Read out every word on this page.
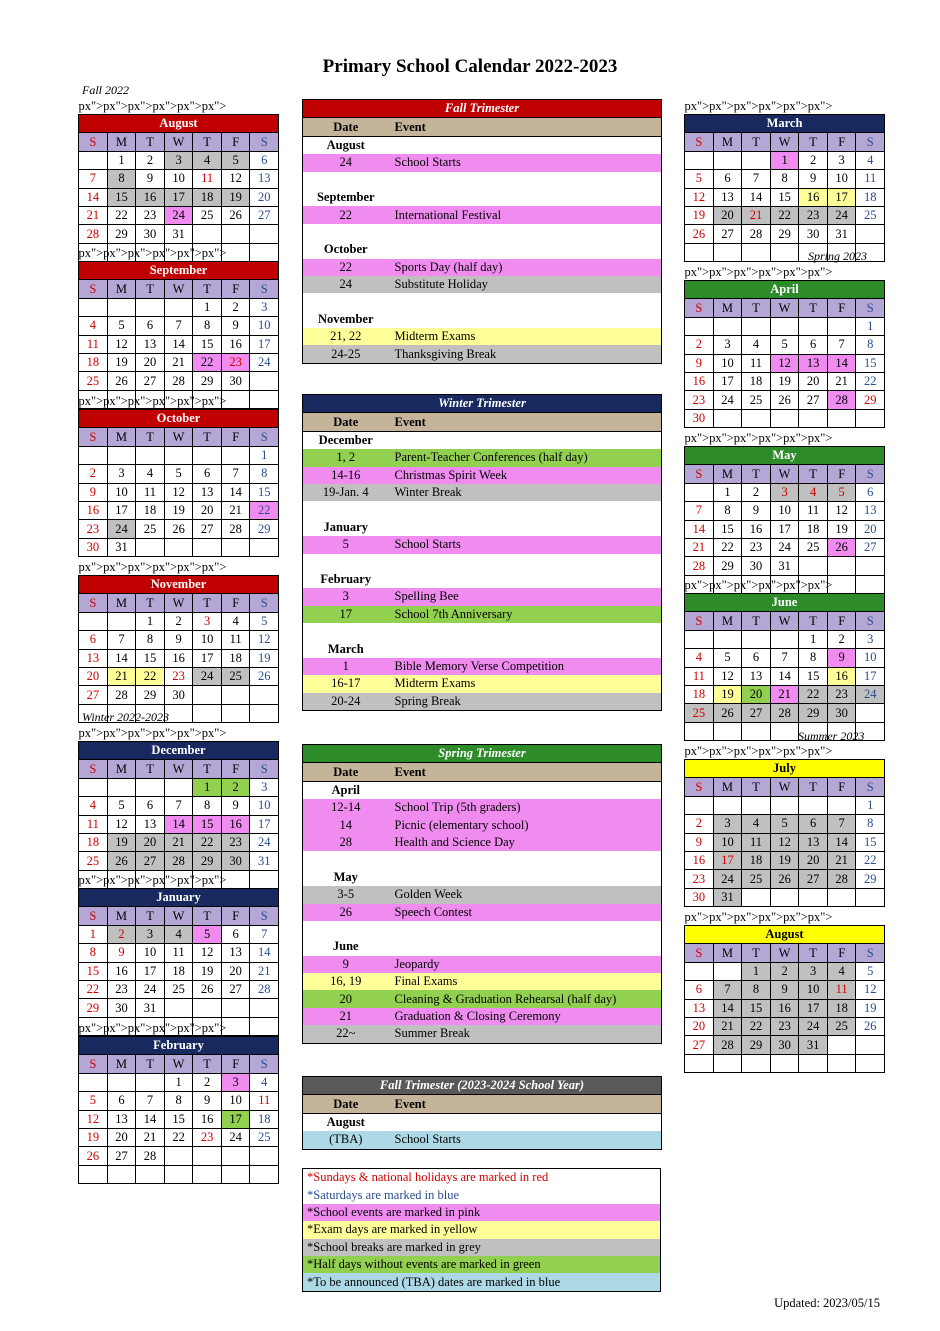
Primary School Calendar 2022-2023
Fall 2022
Winter 2022-2023
Spring 2023
Summer 2023
px">px">px">px">px">px">August						
S	M	T	W	T	F	S
	1	2	3	4	5	6
7	8	9	10	11	12	13
14	15	16	17	18	19	20
21	22	23	24	25	26	27
28	29	30	31			

px">px">px">px">px">px">September						
S	M	T	W	T	F	S
				1	2	3
4	5	6	7	8	9	10
11	12	13	14	15	16	17
18	19	20	21	22	23	24
25	26	27	28	29	30	

px">px">px">px">px">px">October						
S	M	T	W	T	F	S
						1
2	3	4	5	6	7	8
9	10	11	12	13	14	15
16	17	18	19	20	21	22
23	24	25	26	27	28	29
30	31					
px">px">px">px">px">px">November						
S	M	T	W	T	F	S
		1	2	3	4	5
6	7	8	9	10	11	12
13	14	15	16	17	18	19
20	21	22	23	24	25	26
27	28	29	30			

px">px">px">px">px">px">December						
S	M	T	W	T	F	S
				1	2	3
4	5	6	7	8	9	10
11	12	13	14	15	16	17
18	19	20	21	22	23	24
25	26	27	28	29	30	31

px">px">px">px">px">px">January						
S	M	T	W	T	F	S
1	2	3	4	5	6	7
8	9	10	11	12	13	14
15	16	17	18	19	20	21
22	23	24	25	26	27	28
29	30	31				

px">px">px">px">px">px">February						
S	M	T	W	T	F	S
			1	2	3	4
5	6	7	8	9	10	11
12	13	14	15	16	17	18
19	20	21	22	23	24	25
26	27	28				

px">px">px">px">px">px">March						
S	M	T	W	T	F	S
			1	2	3	4
5	6	7	8	9	10	11
12	13	14	15	16	17	18
19	20	21	22	23	24	25
26	27	28	29	30	31	

px">px">px">px">px">px">April						
S	M	T	W	T	F	S
						1
2	3	4	5	6	7	8
9	10	11	12	13	14	15
16	17	18	19	20	21	22
23	24	25	26	27	28	29
30						
px">px">px">px">px">px">May						
S	M	T	W	T	F	S
	1	2	3	4	5	6
7	8	9	10	11	12	13
14	15	16	17	18	19	20
21	22	23	24	25	26	27
28	29	30	31			

px">px">px">px">px">px">June						
S	M	T	W	T	F	S
				1	2	3
4	5	6	7	8	9	10
11	12	13	14	15	16	17
18	19	20	21	22	23	24
25	26	27	28	29	30	

px">px">px">px">px">px">July						
S	M	T	W	T	F	S
						1
2	3	4	5	6	7	8
9	10	11	12	13	14	15
16	17	18	19	20	21	22
23	24	25	26	27	28	29
30	31					
px">px">px">px">px">px">August						
S	M	T	W	T	F	S
		1	2	3	4	5
6	7	8	9	10	11	12
13	14	15	16	17	18	19
20	21	22	23	24	25	26
27	28	29	30	31		

Fall Trimester	
Date	Event
August	
24	School Starts

September	
22	International Festival

October	
22	Sports Day (half day)
24	Substitute Holiday

November	
21, 22	Midterm Exams
24-25	Thanksgiving Break
Winter Trimester	
Date	Event
December	
1, 2	Parent-Teacher Conferences (half day)
14-16	Christmas Spirit Week
19-Jan. 4	Winter Break

January	
5	School Starts

February	
3	Spelling Bee
17	School 7th Anniversary

March	
1	Bible Memory Verse Competition
16-17	Midterm Exams
20-24	Spring Break
Spring Trimester	
Date	Event
April	
12-14	School Trip (5th graders)
14	Picnic (elementary school)
28	Health and Science Day

May	
3-5	Golden Week
26	Speech Contest

June	
9	Jeopardy
16, 19	Final Exams
20	Cleaning & Graduation Rehearsal (half day)
21	Graduation & Closing Ceremony
22~	Summer Break
Fall Trimester (2023-2024 School Year)	
Date	Event
August	
(TBA)	School Starts
*Sundays & national holidays are marked in red
*Saturdays are marked in blue
*School events are marked in pink
*Exam days are marked in yellow
*School breaks are marked in grey
*Half days without events are marked in green
*To be announced (TBA) dates are marked in blue
Updated: 2023/05/15
